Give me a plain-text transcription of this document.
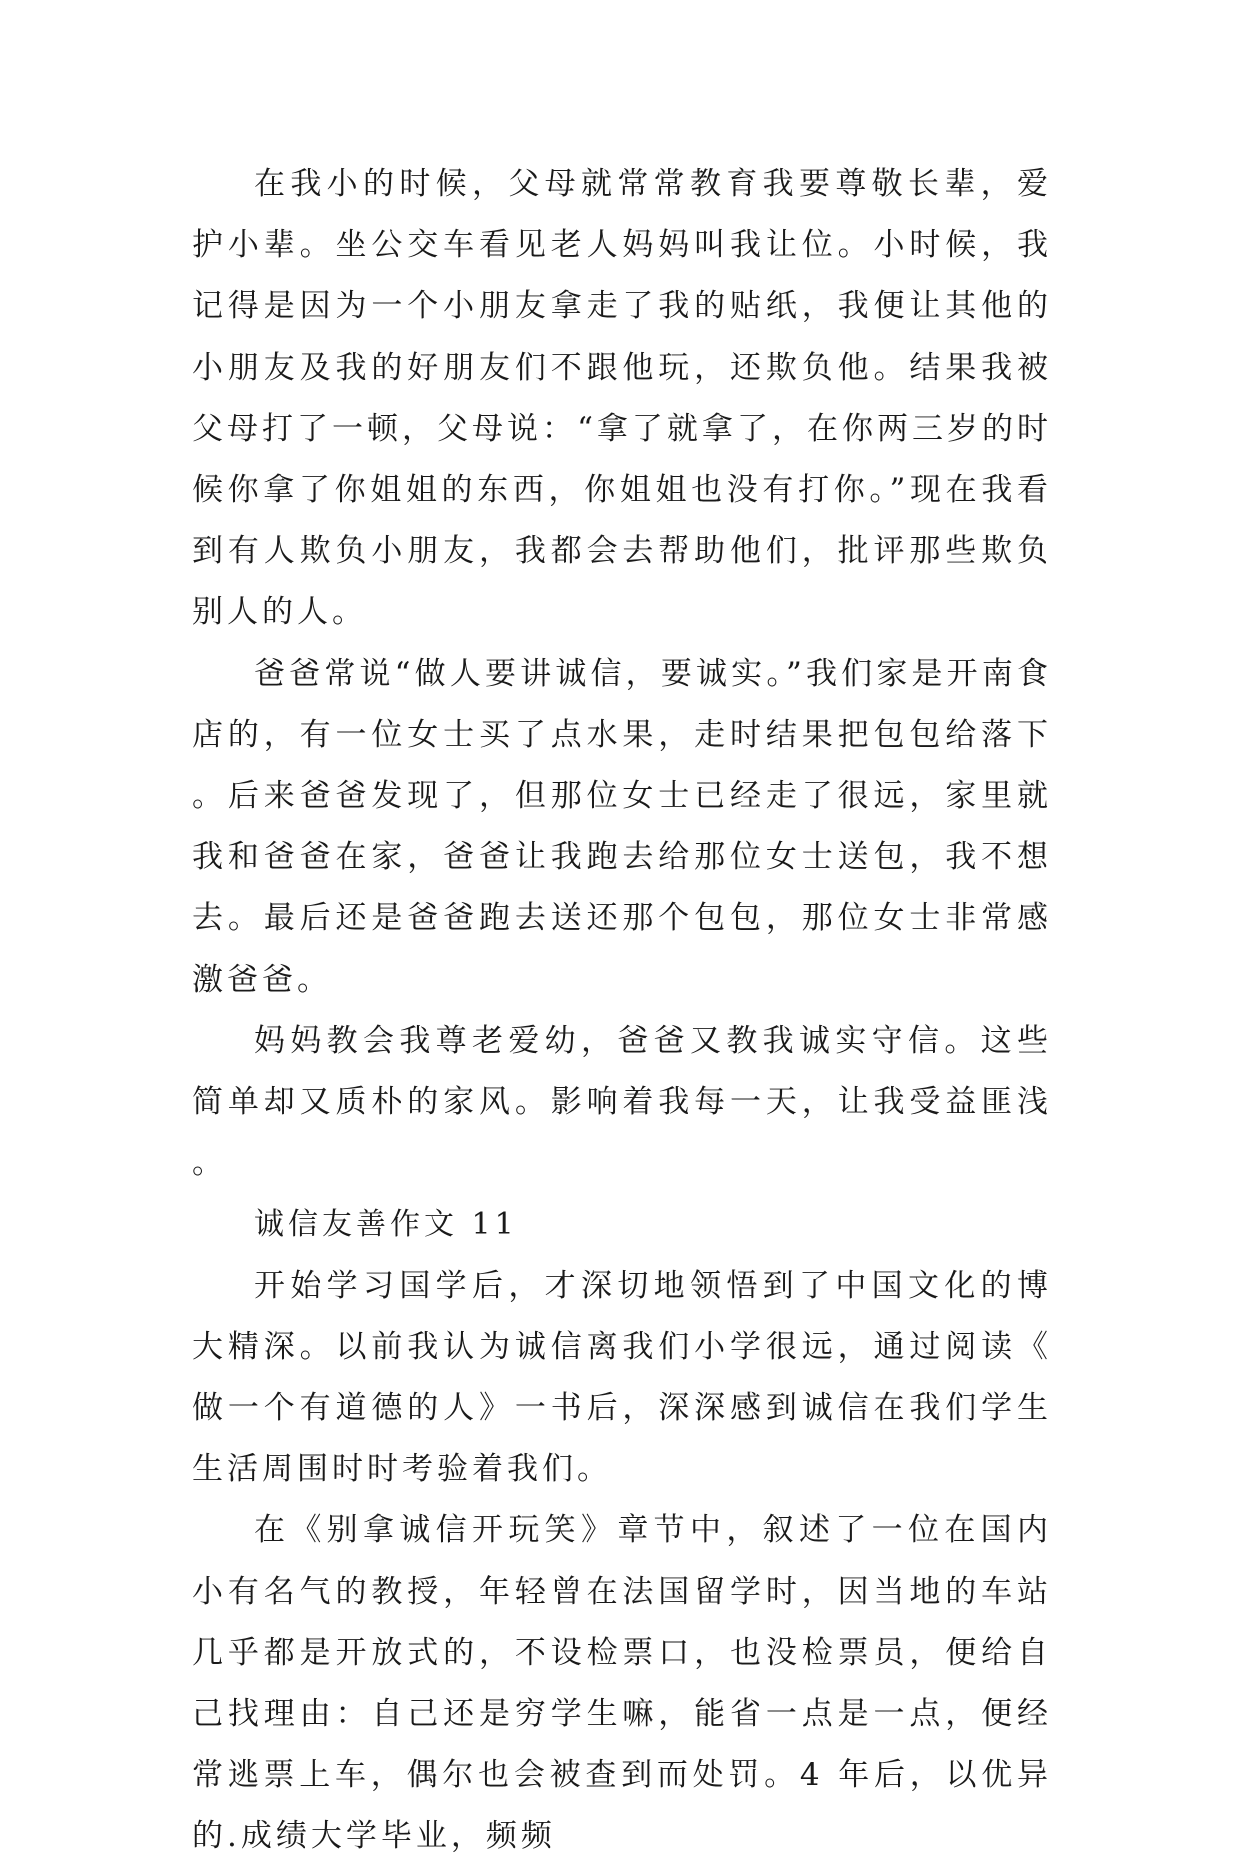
在我小的时候，父母就常常教育我要尊敬长辈，爱护小辈。坐公交车看见老人妈妈叫我让位。小时候，我记得是因为一个小朋友拿走了我的贴纸，我便让其他的小朋友及我的好朋友们不跟他玩，还欺负他。结果我被父母打了一顿，父母说：“拿了就拿了，在你两三岁的时候你拿了你姐姐的东西，你姐姐也没有打你。”现在我看到有人欺负小朋友，我都会去帮助他们，批评那些欺负别人的人。

爸爸常说“做人要讲诚信，要诚实。”我们家是开南食店的，有一位女士买了点水果，走时结果把包包给落下。后来爸爸发现了，但那位女士已经走了很远，家里就我和爸爸在家，爸爸让我跑去给那位女士送包，我不想去。最后还是爸爸跑去送还那个包包，那位女士非常感激爸爸。

妈妈教会我尊老爱幼，爸爸又教我诚实守信。这些简单却又质朴的家风。影响着我每一天，让我受益匪浅。

诚信友善作文 11

开始学习国学后，才深切地领悟到了中国文化的博大精深。以前我认为诚信离我们小学很远，通过阅读《做一个有道德的人》一书后，深深感到诚信在我们学生生活周围时时考验着我们。

在《别拿诚信开玩笑》章节中，叙述了一位在国内小有名气的教授，年轻曾在法国留学时，因当地的车站几乎都是开放式的，不设检票口，也没检票员，便给自己找理由：自己还是穷学生嘛，能省一点是一点，便经常逃票上车，偶尔也会被查到而处罚。4 年后，以优异的.成绩大学毕业，频频
